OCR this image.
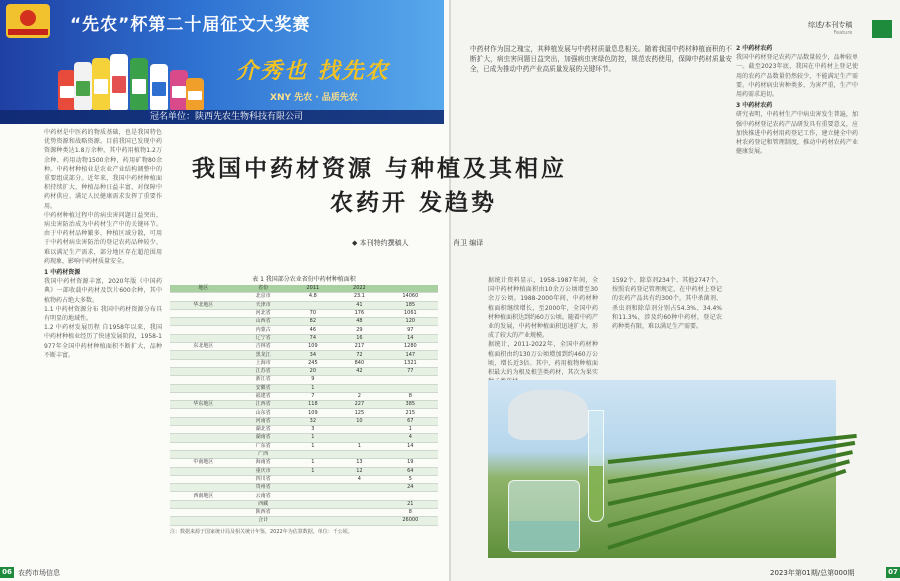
“先农”杯第二十届征文大奖赛
介秀也 找先农
XNY 先农 · 品质先农
冠名单位：陕西先农生物科技有限公司

中药材是中医药的物质基础，也是我国特色优势资源和战略资源。目前我国已发现中药资源种类达1.8万余种，其中药用植物1.2万余种、药用动物1500余种，药用矿物80余种。中药材种植业是农业产业结构调整中的重要组成部分。近年来，我国中药材种植面积持续扩大，种植品种日益丰富，对保障中药材供应、满足人民健康需求发挥了重要作用。

中药材种植过程中的病虫害问题日益突出，病虫害防治成为中药材生产中的关键环节。由于中药材品种繁多，种植区域分散，可用于中药材病虫害防治的登记农药品种较少，难以满足生产需求，部分地区存在超范围用药现象，影响中药材质量安全。

1 中药材资源

我国中药材资源丰富，2020年版《中国药典》一部收载中药材及饮片600余种，其中植物药占绝大多数。

1.1 中药材资源分布 我国中药材资源分布具有明显的地域性。

1.2 中药材发展历程 自1958年以来，我国中药材种植业经历了快速发展阶段，1958-1977年全国中药材种植面积不断扩大，品种不断丰富。

表 1 我国部分农业省份中药材种植面积
地区	省份	2011	2022	
	北京市	4.8	23.1	14060
华北地区	天津市		41	185
	河北省	70	176	1061
	山西省	82	48	120
	内蒙古	46	29	97
	辽宁省	74	16	14
东北地区	吉林省	109	217	1280
	黑龙江	34	72	147
	上海市	245	840	1321
	江苏省	20	42	77
	浙江省	9		
	安徽省	1		
	福建省	7	2	8
华东地区	江西省	118	227	385
	山东省	109	125	215
	河南省	32	10	67
	湖北省	3		1
	湖南省	1		4
	广东省	1	1	14
	广西			
中南地区	海南省	1	13	19
	重庆市	1	12	64
	四川省		4	5
	贵州省			24
西南地区	云南省			
	西藏			21
	陕西省			8
	合计			26000
注：数据来源于国家统计局及相关统计年鉴，2022年为估算数据。单位：千公顷。
06 农药市场信息
我国中药材资源 与种植及其相应
农药开 发趋势
◆ 本刊特约撰稿人	肖卫 编译
综述/本刊专稿
Feature

中药材作为国之瑰宝，其种植发展与中药材质量息息相关。随着我国中药材种植面积的不断扩大，病虫害问题日益突出，加强病虫害绿色防控，规范农药使用，保障中药材质量安全，已成为推动中药产业高质量发展的关键环节。

据统计资料显示，1958-1987年间，全国中药材种植面积由10余万公顷增至30余万公顷。1988-2000年间，中药材种植面积继续增长，至2000年，全国中药材种植面积达到约60万公顷。随着中药产业的发展，中药材种植面积迅速扩大，形成了较大的产业规模。

据统计，2011-2022年，全国中药材种植面积由约130万公顷增加到约460万公顷，增长近3倍。其中，药用植物种植面积最大的为根及根茎类药材，其次为果实

1592个、除草剂234个、其他2747个。按照农药登记管理规定，在中药材上登记的农药产品共有约300个，其中杀菌剂、杀虫剂和除草剂分别占54.3%、34.4%和11.3%，涉及约60种中药材，登记农药种类有限，难以满足生产需要。

2 中药材农药

我国中药材登记农药产品数量较少，品种较单一。截至2023年底，我国在中药材上登记使用的农药产品数量仍然较少，不能满足生产需要。中药材病虫害种类多，为害严重，生产中用药需求迫切。

3 中药材农药

研究表明，中药材生产中病虫害发生普遍，加强中药材登记农药产品研发具有重要意义，应加快推进中药材用药登记工作，建立健全中药材农药登记和管理制度，推动中药材农药产业健康发展。

2023年第01期/总第000期	07
